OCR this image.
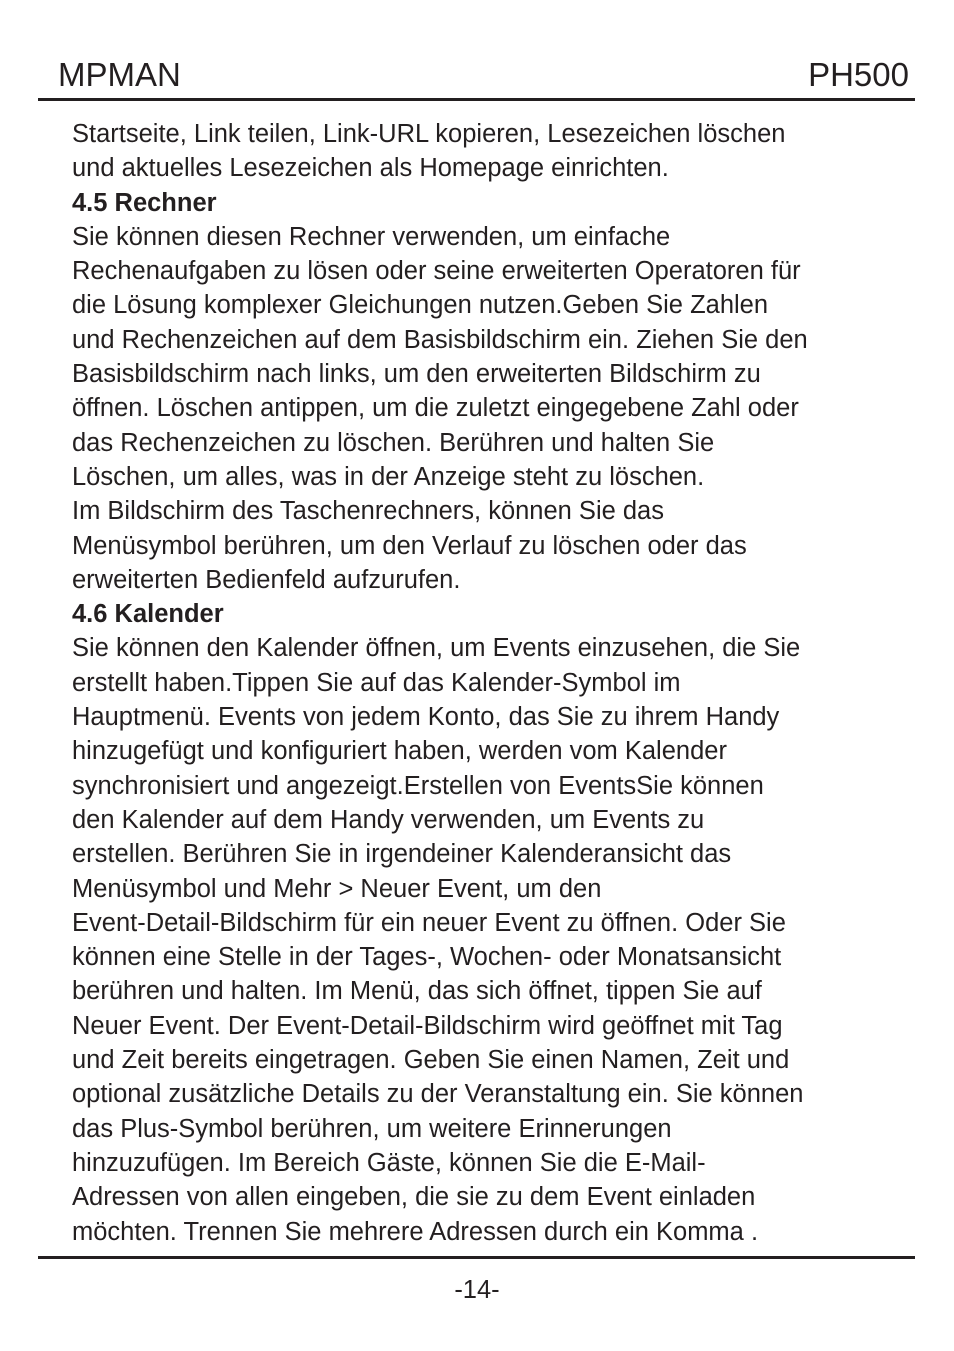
MPMAN	PH500
Startseite, Link teilen, Link-URL kopieren, Lesezeichen löschen
und aktuelles Lesezeichen als Homepage einrichten.
4.5 Rechner
Sie können diesen Rechner verwenden, um einfache
Rechenaufgaben zu lösen oder seine erweiterten Operatoren für
die Lösung komplexer Gleichungen nutzen.Geben Sie Zahlen
und Rechenzeichen auf dem Basisbildschirm ein. Ziehen Sie den
Basisbildschirm nach links, um den erweiterten Bildschirm zu
öffnen. Löschen antippen, um die zuletzt eingegebene Zahl oder
das Rechenzeichen zu löschen. Berühren und halten Sie
Löschen, um alles, was in der Anzeige steht zu löschen.
Im Bildschirm des Taschenrechners, können Sie das
Menüsymbol berühren, um den Verlauf zu löschen oder das
erweiterten Bedienfeld aufzurufen.
4.6 Kalender
Sie können den Kalender öffnen, um Events einzusehen, die Sie
erstellt haben.Tippen Sie auf das Kalender-Symbol im
Hauptmenü. Events von jedem Konto, das Sie zu ihrem Handy
hinzugefügt und konfiguriert haben, werden vom Kalender
synchronisiert und angezeigt.Erstellen von EventsSie können
den Kalender auf dem Handy verwenden, um Events zu
erstellen. Berühren Sie in irgendeiner Kalenderansicht das
Menüsymbol und Mehr > Neuer Event, um den
Event-Detail-Bildschirm für ein neuer Event zu öffnen. Oder Sie
können eine Stelle in der Tages-, Wochen- oder Monatsansicht
berühren und halten. Im Menü, das sich öffnet, tippen Sie auf
Neuer Event. Der Event-Detail-Bildschirm wird geöffnet mit Tag
und Zeit bereits eingetragen. Geben Sie einen Namen, Zeit und
optional zusätzliche Details zu der Veranstaltung ein. Sie können
das Plus-Symbol berühren, um weitere Erinnerungen
hinzuzufügen. Im Bereich Gäste, können Sie die E-Mail-
Adressen von allen eingeben, die sie zu dem Event einladen
möchten. Trennen Sie mehrere Adressen durch ein Komma .
-14-
